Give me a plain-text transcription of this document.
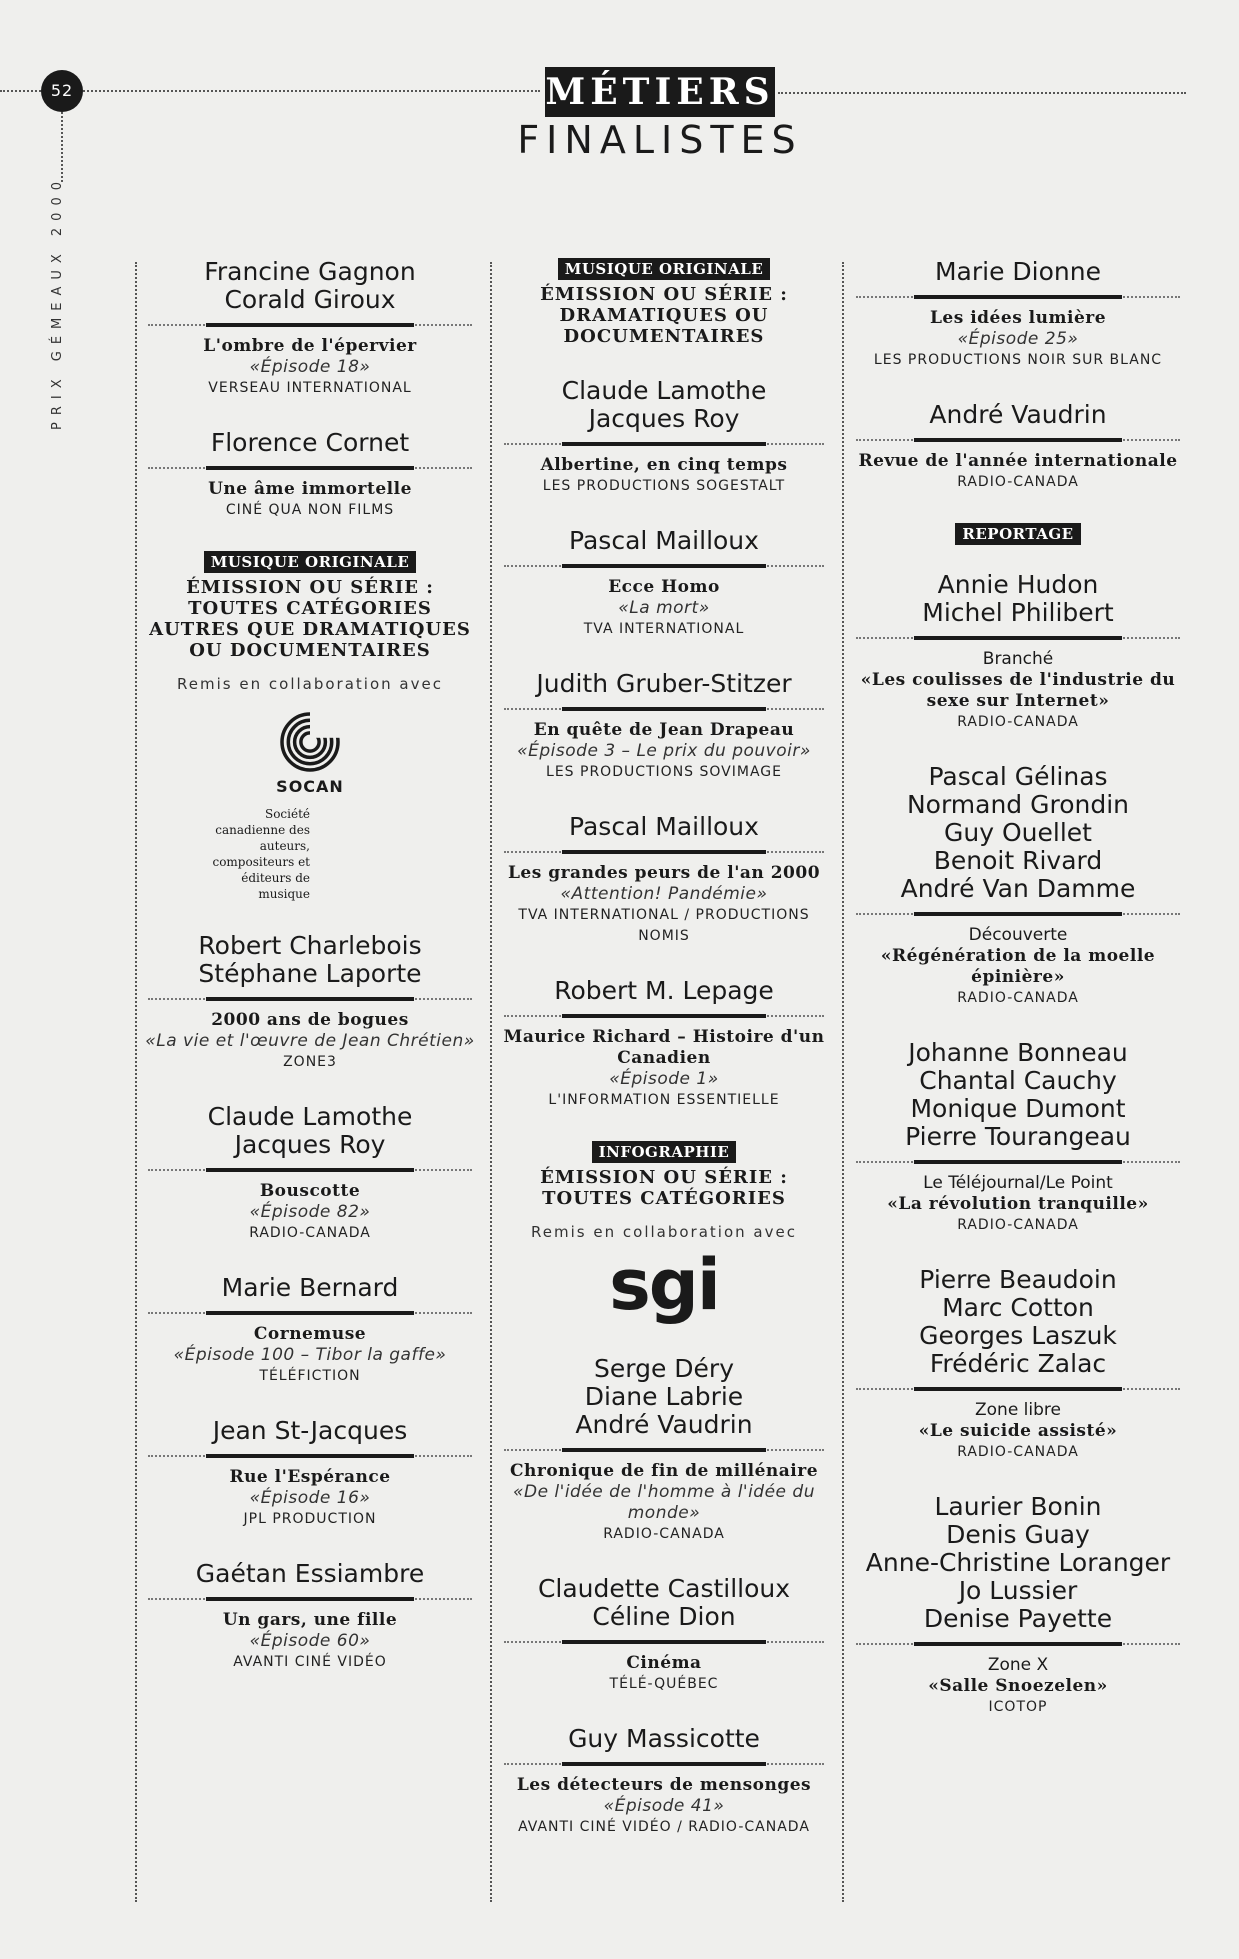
52
PRIX GÉMEAUX 2000
MÉTIERS
FINALISTES
Francine Gagnon
Corald Giroux
L'ombre de l'épervier
«Épisode 18»
VERSEAU INTERNATIONAL
Florence Cornet
Une âme immortelle
CINÉ QUA NON FILMS
MUSIQUE ORIGINALE
ÉMISSION OU SÉRIE : TOUTES CATÉGORIES AUTRES QUE DRAMATIQUES OU DOCUMENTAIRES
Remis en collaboration avec
SOCAN
Société canadienne des auteurs, compositeurs et éditeurs de musique
Robert Charlebois
Stéphane Laporte
2000 ans de bogues
«La vie et l'œuvre de Jean Chrétien»
ZONE3
Claude Lamothe
Jacques Roy
Bouscotte
«Épisode 82»
RADIO-CANADA
Marie Bernard
Cornemuse
«Épisode 100 – Tibor la gaffe»
TÉLÉFICTION
Jean St-Jacques
Rue l'Espérance
«Épisode 16»
JPL PRODUCTION
Gaétan Essiambre
Un gars, une fille
«Épisode 60»
AVANTI CINÉ VIDÉO
MUSIQUE ORIGINALE
ÉMISSION OU SÉRIE : DRAMATIQUES OU DOCUMENTAIRES
Claude Lamothe
Jacques Roy
Albertine, en cinq temps
LES PRODUCTIONS SOGESTALT
Pascal Mailloux
Ecce Homo
«La mort»
TVA INTERNATIONAL
Judith Gruber-Stitzer
En quête de Jean Drapeau
«Épisode 3 – Le prix du pouvoir»
LES PRODUCTIONS SOVIMAGE
Pascal Mailloux
Les grandes peurs de l'an 2000
«Attention! Pandémie»
TVA INTERNATIONAL / PRODUCTIONS NOMIS
Robert M. Lepage
Maurice Richard – Histoire d'un Canadien
«Épisode 1»
L'INFORMATION ESSENTIELLE
INFOGRAPHIE
ÉMISSION OU SÉRIE : TOUTES CATÉGORIES
Remis en collaboration avec
sgi
Serge Déry
Diane Labrie
André Vaudrin
Chronique de fin de millénaire
«De l'idée de l'homme à l'idée du monde»
RADIO-CANADA
Claudette Castilloux
Céline Dion
Cinéma
TÉLÉ-QUÉBEC
Guy Massicotte
Les détecteurs de mensonges
«Épisode 41»
AVANTI CINÉ VIDÉO / RADIO-CANADA
Marie Dionne
Les idées lumière
«Épisode 25»
LES PRODUCTIONS NOIR SUR BLANC
André Vaudrin
Revue de l'année internationale
RADIO-CANADA
REPORTAGE
Annie Hudon
Michel Philibert
Branché
«Les coulisses de l'industrie du sexe sur Internet»
RADIO-CANADA
Pascal Gélinas
Normand Grondin
Guy Ouellet
Benoit Rivard
André Van Damme
Découverte
«Régénération de la moelle épinière»
RADIO-CANADA
Johanne Bonneau
Chantal Cauchy
Monique Dumont
Pierre Tourangeau
Le Téléjournal/Le Point
«La révolution tranquille»
RADIO-CANADA
Pierre Beaudoin
Marc Cotton
Georges Laszuk
Frédéric Zalac
Zone libre
«Le suicide assisté»
RADIO-CANADA
Laurier Bonin
Denis Guay
Anne-Christine Loranger
Jo Lussier
Denise Payette
Zone X
«Salle Snoezelen»
ICOTOP
